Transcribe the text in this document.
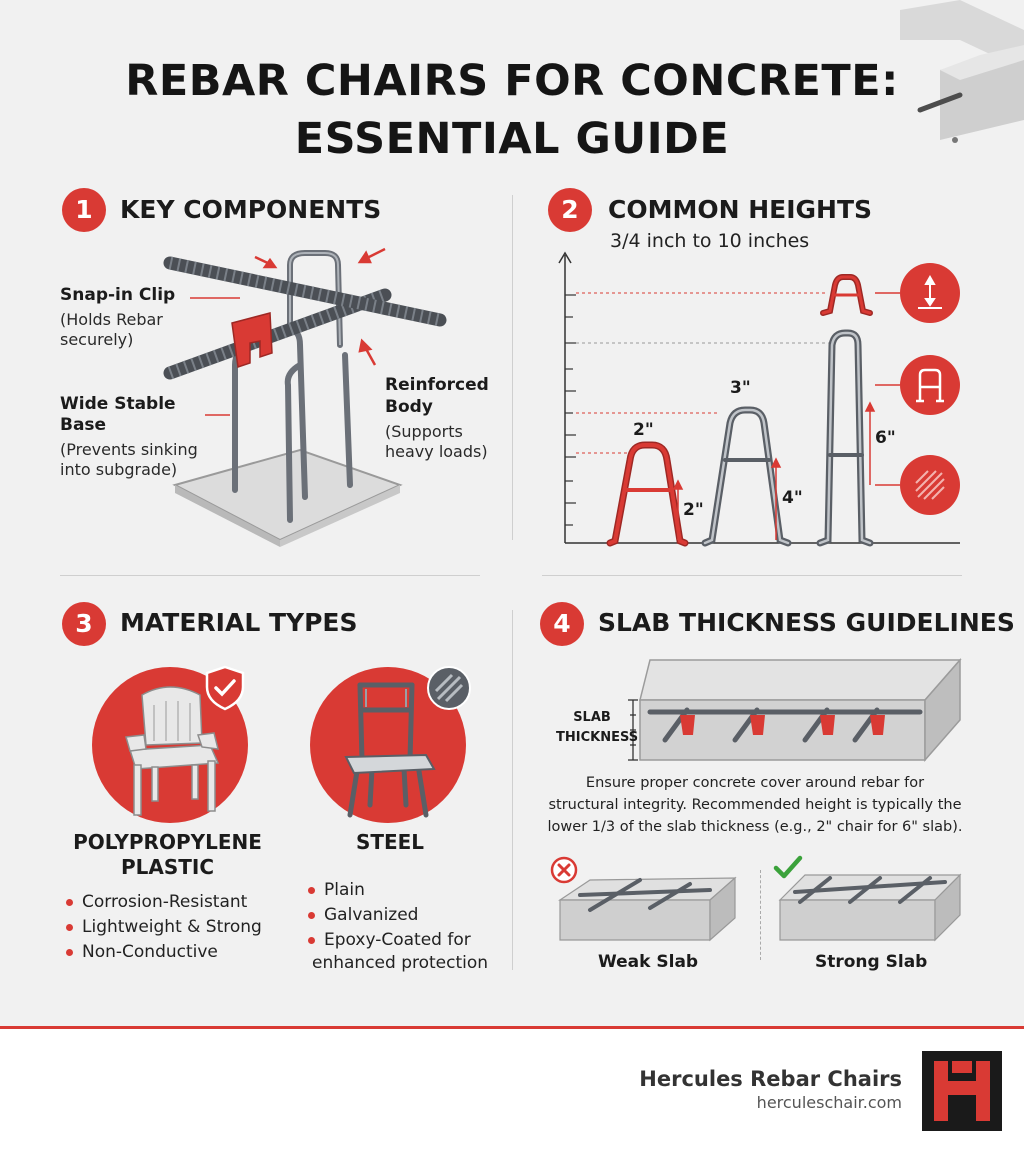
REBAR CHAIRS FOR CONCRETE:
ESSENTIAL GUIDE
1	KEY COMPONENTS
Snap-in Clip
(Holds Rebar
securely)
Wide Stable
Base
(Prevents sinking
into subgrade)
Reinforced
Body
(Supports
heavy loads)
2	COMMON HEIGHTS
3/4 inch to 10 inches
2"
3"
2"
4"
6"
3	MATERIAL TYPES
POLYPROPYLENE
PLASTIC
Corrosion-Resistant
Lightweight & Strong
Non-Conductive
STEEL
Plain
Galvanized
Epoxy-Coated for
enhanced protection
4	SLAB THICKNESS GUIDELINES
SLAB
THICKNESS
Ensure proper concrete cover around rebar for
structural integrity. Recommended height is typically the
lower 1/3 of the slab thickness (e.g., 2" chair for 6" slab).
Weak Slab	Strong Slab
Hercules Rebar Chairs
herculeschair.com
